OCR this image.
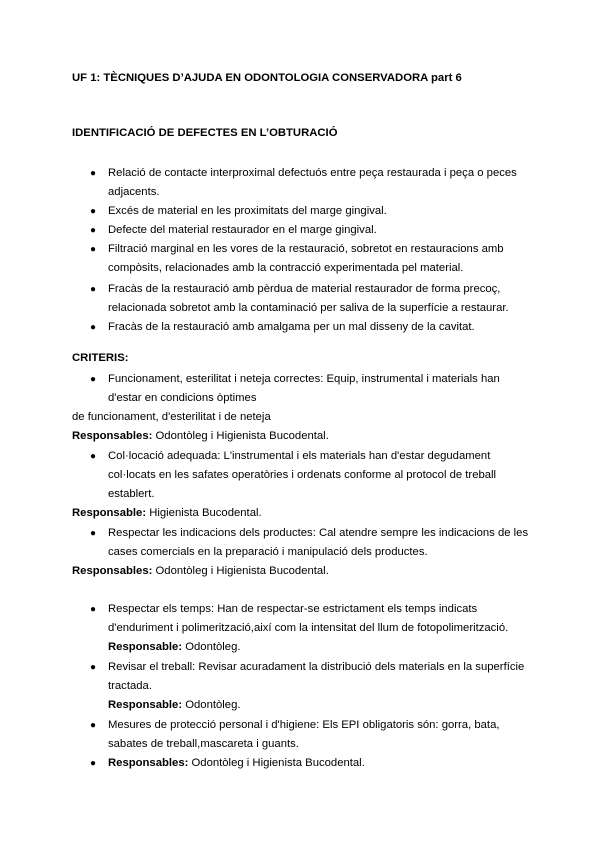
UF 1: TÈCNIQUES D’AJUDA EN ODONTOLOGIA CONSERVADORA part 6
IDENTIFICACIÓ DE DEFECTES EN L’OBTURACIÓ
● Relació de contacte interproximal defectuós entre peça restaurada i peça o peces
adjacents.
● Excés de material en les proximitats del marge gingival.
● Defecte del material restaurador en el marge gingival.
● Filtració marginal en les vores de la restauració, sobretot en restauracions amb
compòsits, relacionades amb la contracció experimentada pel material.
● Fracàs de la restauració amb pèrdua de material restaurador de forma precoç,
relacionada sobretot amb la contaminació per saliva de la superfície a restaurar.
● Fracàs de la restauració amb amalgama per un mal disseny de la cavitat.
CRITERIS:
● Funcionament, esterilitat i neteja correctes: Equip, instrumental i materials han
d'estar en condicions òptimes
de funcionament, d'esterilitat i de neteja
Responsables: Odontòleg i Higienista Bucodental.
● Col·locació adequada: L'instrumental i els materials han d'estar degudament
col·locats en les safates operatòries i ordenats conforme al protocol de treball
establert.
Responsable: Higienista Bucodental.
● Respectar les indicacions dels productes: Cal atendre sempre les indicacions de les
cases comercials en la preparació i manipulació dels productes.
Responsables: Odontòleg i Higienista Bucodental.
● Respectar els temps: Han de respectar-se estrictament els temps indicats
d'enduriment i polimerització,així com la intensitat del llum de fotopolimerització.
Responsable: Odontòleg.
● Revisar el treball: Revisar acuradament la distribució dels materials en la superfície
tractada.
Responsable: Odontòleg.
● Mesures de protecció personal i d'higiene: Els EPI obligatoris són: gorra, bata,
sabates de treball,mascareta i guants.
● Responsables: Odontòleg i Higienista Bucodental.
